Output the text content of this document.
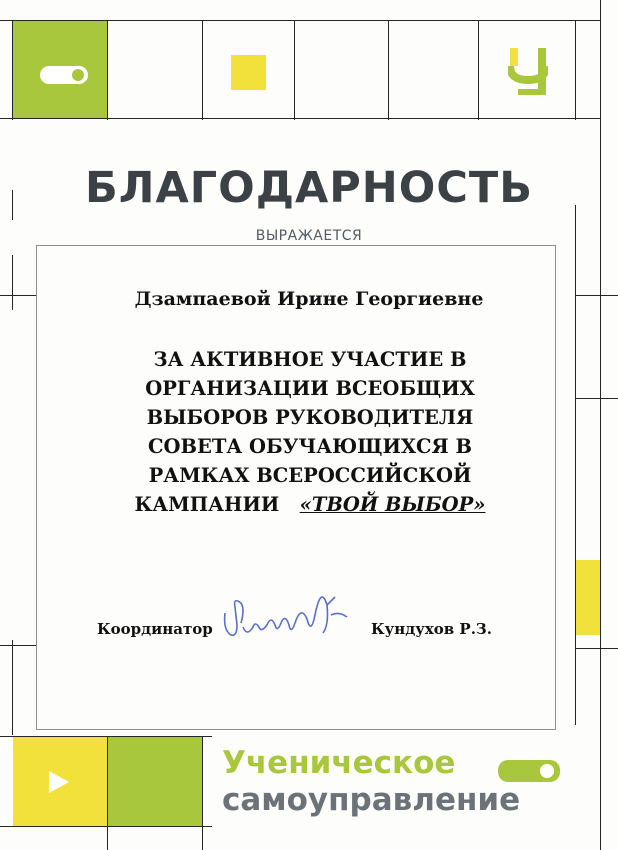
БЛАГОДАРНОСТЬ
ВЫРАЖАЕТСЯ
Дзампаевой Ирине Георгиевне
ЗА АКТИВНОЕ УЧАСТИЕ В
ОРГАНИЗАЦИИ ВСЕОБЩИХ
ВЫБОРОВ РУКОВОДИТЕЛЯ
СОВЕТА ОБУЧАЮЩИХСЯ В
РАМКАХ ВСЕРОССИЙСКОЙ
КАМПАНИИ «ТВОЙ ВЫБОР»
Координатор	Кундухов Р.З.
Ученическое
самоуправление
